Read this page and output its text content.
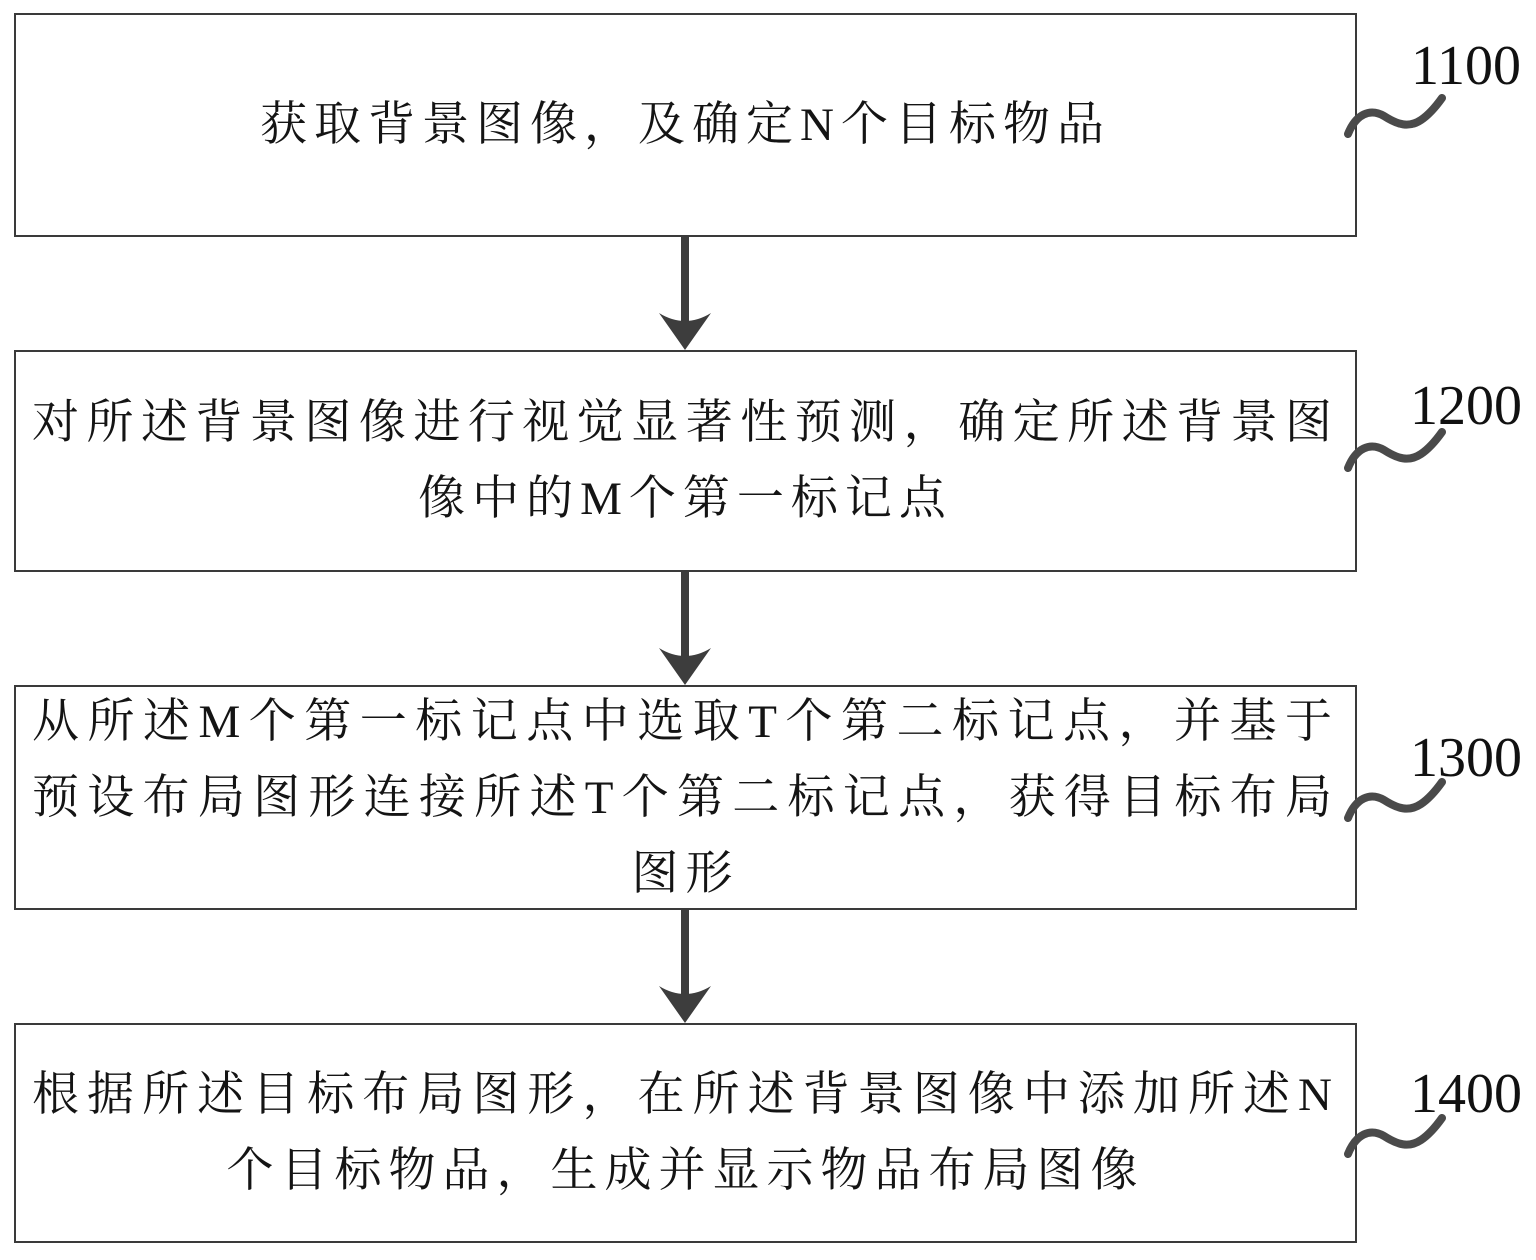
获取背景图像，及确定N个目标物品

1100

对所述背景图像进行视觉显著性预测，确定所述背景图像中的M个第一标记点

1200

从所述M个第一标记点中选取T个第二标记点，并基于预设布局图形连接所述T个第二标记点，获得目标布局图形

1300

根据所述目标布局图形，在所述背景图像中添加所述N个目标物品，生成并显示物品布局图像

1400
